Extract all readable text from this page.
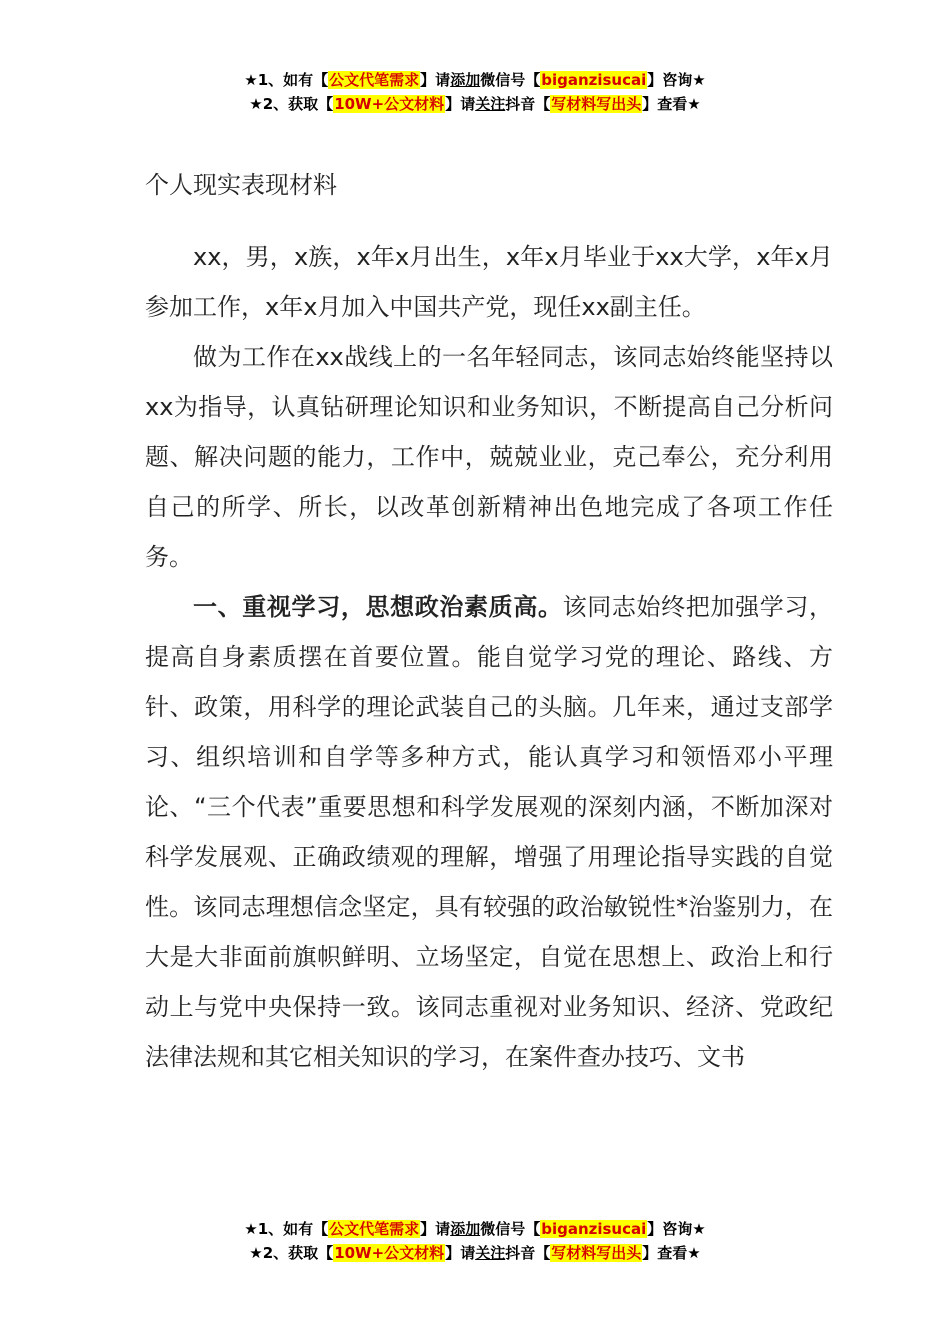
★1、如有【公文代笔需求】请添加微信号【biganzisucai】咨询★
★2、获取【10W+公文材料】请关注抖音【写材料写出头】查看★
个人现实表现材料

xx，男，x族，x年x月出生，x年x月毕业于xx大学，x年x月参加工作，x年x月加入中国共产党，现任xx副主任。

做为工作在xx战线上的一名年轻同志，该同志始终能坚持以xx为指导，认真钻研理论知识和业务知识，不断提高自己分析问题、解决问题的能力，工作中，兢兢业业，克己奉公，充分利用自己的所学、所长，以改革创新精神出色地完成了各项工作任务。

一、重视学习，思想政治素质高。该同志始终把加强学习，提高自身素质摆在首要位置。能自觉学习党的理论、路线、方针、政策，用科学的理论武装自己的头脑。几年来，通过支部学习、组织培训和自学等多种方式，能认真学习和领悟邓小平理论、“三个代表”重要思想和科学发展观的深刻内涵，不断加深对科学发展观、正确政绩观的理解，增强了用理论指导实践的自觉性。该同志理想信念坚定，具有较强的政治敏锐性*治鉴别力，在大是大非面前旗帜鲜明、立场坚定，自觉在思想上、政治上和行动上与党中央保持一致。该同志重视对业务知识、经济、党政纪法律法规和其它相关知识的学习，在案件查办技巧、文书

★1、如有【公文代笔需求】请添加微信号【biganzisucai】咨询★
★2、获取【10W+公文材料】请关注抖音【写材料写出头】查看★
